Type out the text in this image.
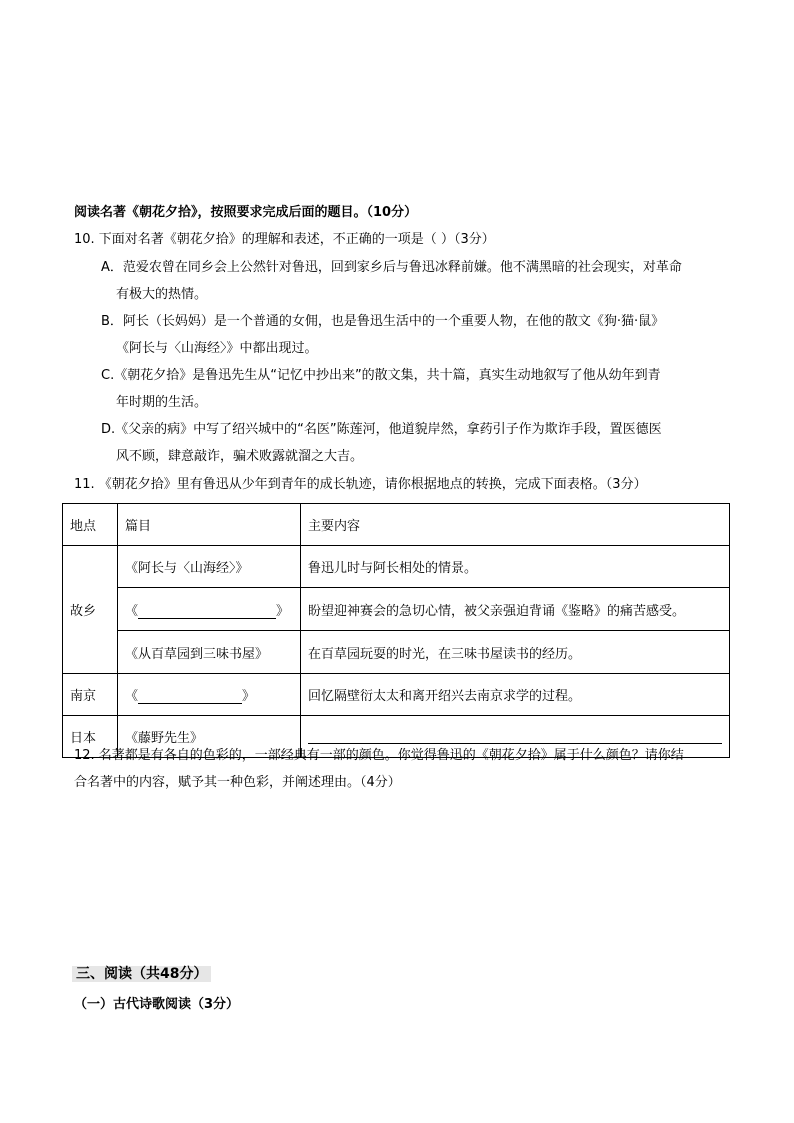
阅读名著《朝花夕拾》，按照要求完成后面的题目。（10分）
10. 下面对名著《朝花夕拾》的理解和表述，不正确的一项是（ ）（3分）
A．范爱农曾在同乡会上公然针对鲁迅，回到家乡后与鲁迅冰释前嫌。他不满黑暗的社会现实，对革命
有极大的热情。
B．阿长（长妈妈）是一个普通的女佣，也是鲁迅生活中的一个重要人物，在他的散文《狗·猫·鼠》
《阿长与〈山海经〉》中都出现过。
C.《朝花夕拾》是鲁迅先生从“记忆中抄出来”的散文集，共十篇，真实生动地叙写了他从幼年到青
年时期的生活。
D.《父亲的病》中写了绍兴城中的“名医”陈莲河，他道貌岸然，拿药引子作为欺诈手段，置医德医
风不顾，肆意敲诈，骗术败露就溜之大吉。
11. 《朝花夕拾》里有鲁迅从少年到青年的成长轨迹，请你根据地点的转换，完成下面表格。（3分）
地点	篇目	主要内容
故乡	《阿长与〈山海经〉》	鲁迅儿时与阿长相处的情景。
	《 》	盼望迎神赛会的急切心情，被父亲强迫背诵《鉴略》的痛苦感受。
	《从百草园到三味书屋》	在百草园玩耍的时光，在三味书屋读书的经历。
南京	《 》	回忆隔壁衍太太和离开绍兴去南京求学的过程。
日本	《藤野先生》	
12. 名著都是有各自的色彩的，一部经典有一部的颜色。你觉得鲁迅的《朝花夕拾》属于什么颜色？请你结
合名著中的内容，赋予其一种色彩，并阐述理由。（4分）
三、阅读（共48分）
（一）古代诗歌阅读（3分）
